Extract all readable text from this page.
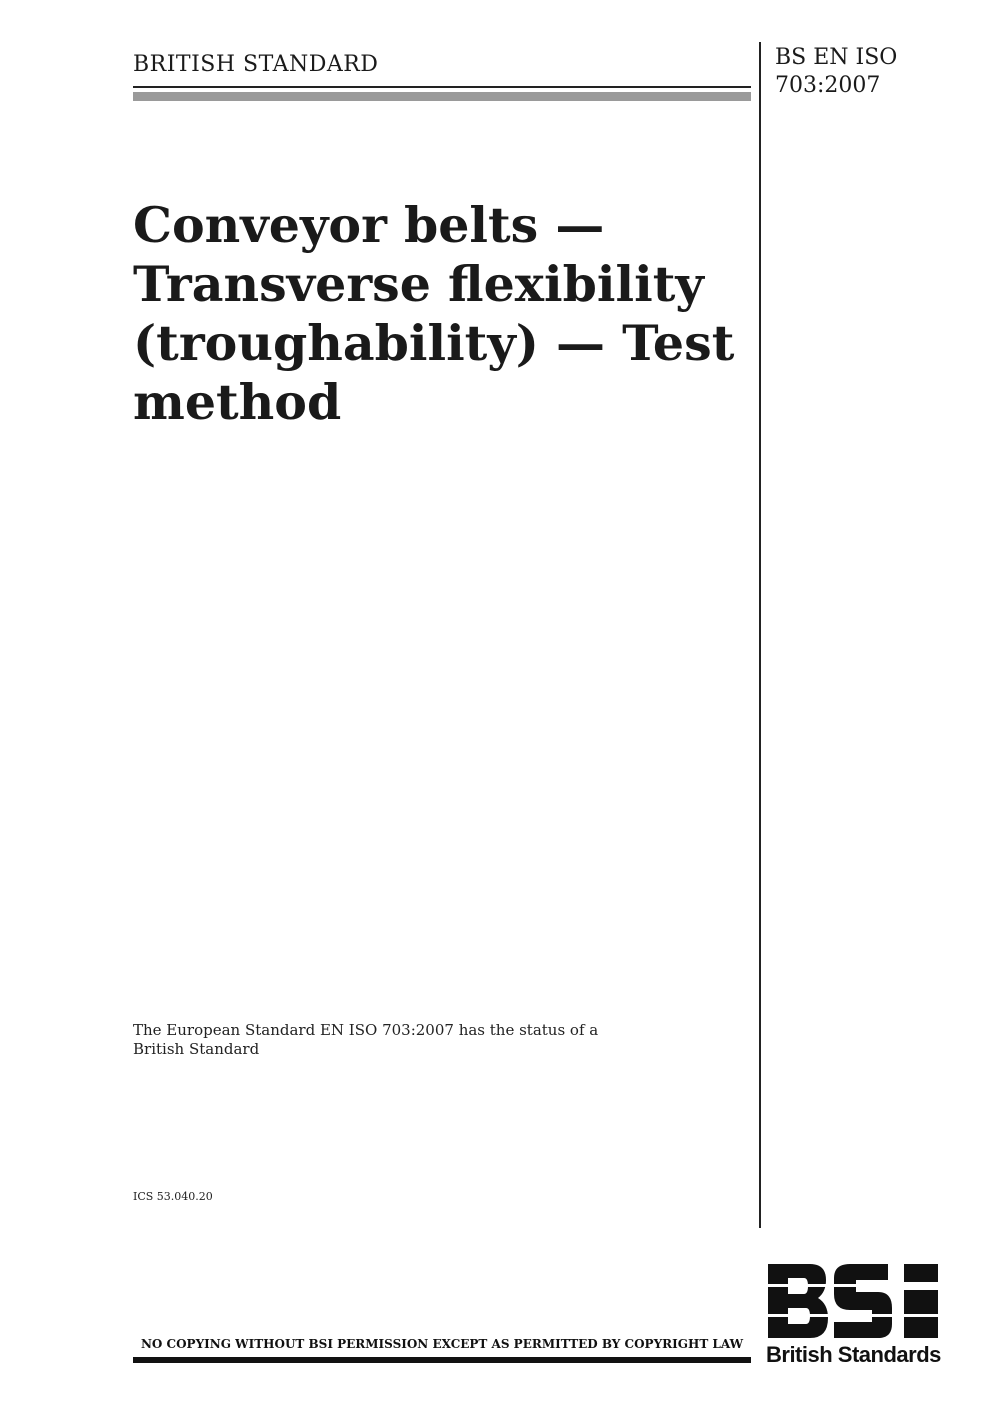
BRITISH STANDARD	BS EN ISO
703:2007
Conveyor belts —
Transverse flexibility
(troughability) — Test
method
The European Standard EN ISO 703:2007 has the status of a
British Standard
ICS 53.040.20
NO COPYING WITHOUT BSI PERMISSION EXCEPT AS PERMITTED BY COPYRIGHT LAW	British Standards
